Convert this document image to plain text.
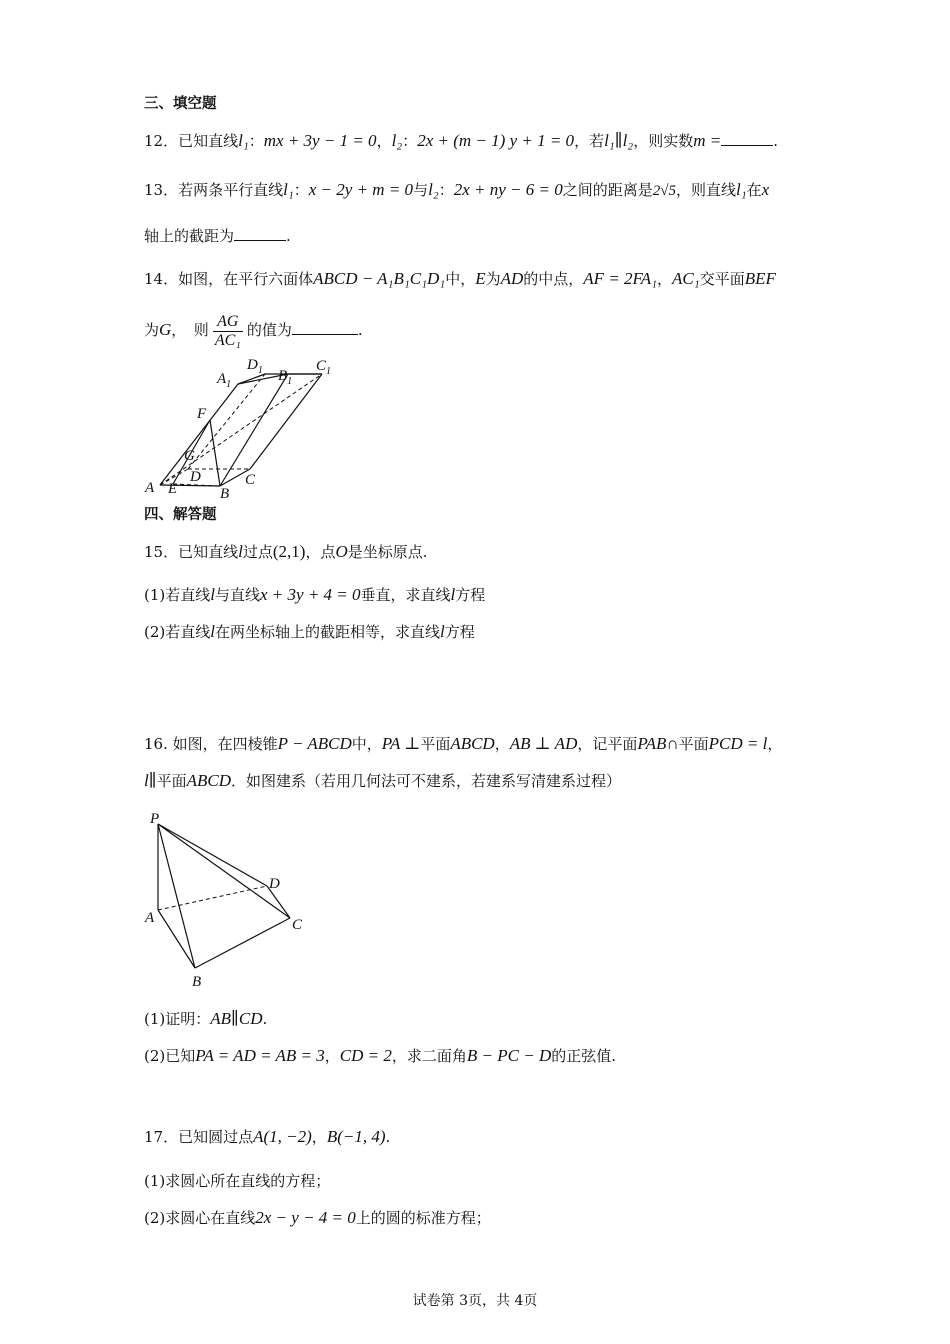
三、填空题
12．已知直线l₁：mx + 3y − 1 = 0，l₂：2x + (m − 1) y + 1 = 0，若l₁∥l₂，则实数m =	.
13．若两条平行直线l₁：x − 2y + m = 0与l₂：2x + ny − 6 = 0之间的距离是2√5，则直线l₁在x
轴上的截距为	.
14．如图，在平行六面体ABCD − A₁B₁C₁D₁中，E为AD的中点，AF = 2FA₁，AC₁交平面BEF
为G，　则 $\frac{AG}{\text{AC₁}}$ 的值为	.
A E	B
C
D
G
F
$A_1$
$D_1$ $B_1$
$C_1$
四、解答题
15．已知直线l过点(2,1)，点O是坐标原点.
(1)若直线l与直线x + 3y + 4 = 0垂直，求直线l方程
(2)若直线l在两坐标轴上的截距相等，求直线l方程
16. 如图，在四棱锥P − ABCD中，PA ⊥平面ABCD，AB ⊥ AD，记平面PAB∩平面PCD = l，
l∥平面ABCD．如图建系（若用几何法可不建系，若建系写清建系过程）
P
A
B
C
D
(1)证明：AB∥CD.
(2)已知PA = AD = AB = 3，CD = 2，求二面角B − PC − D的正弦值.
17．已知圆过点A(1, −2)，B(−1, 4).
(1)求圆心所在直线的方程；
(2)求圆心在直线2x − y − 4 = 0上的圆的标准方程；
试卷第 3页，共 4页
